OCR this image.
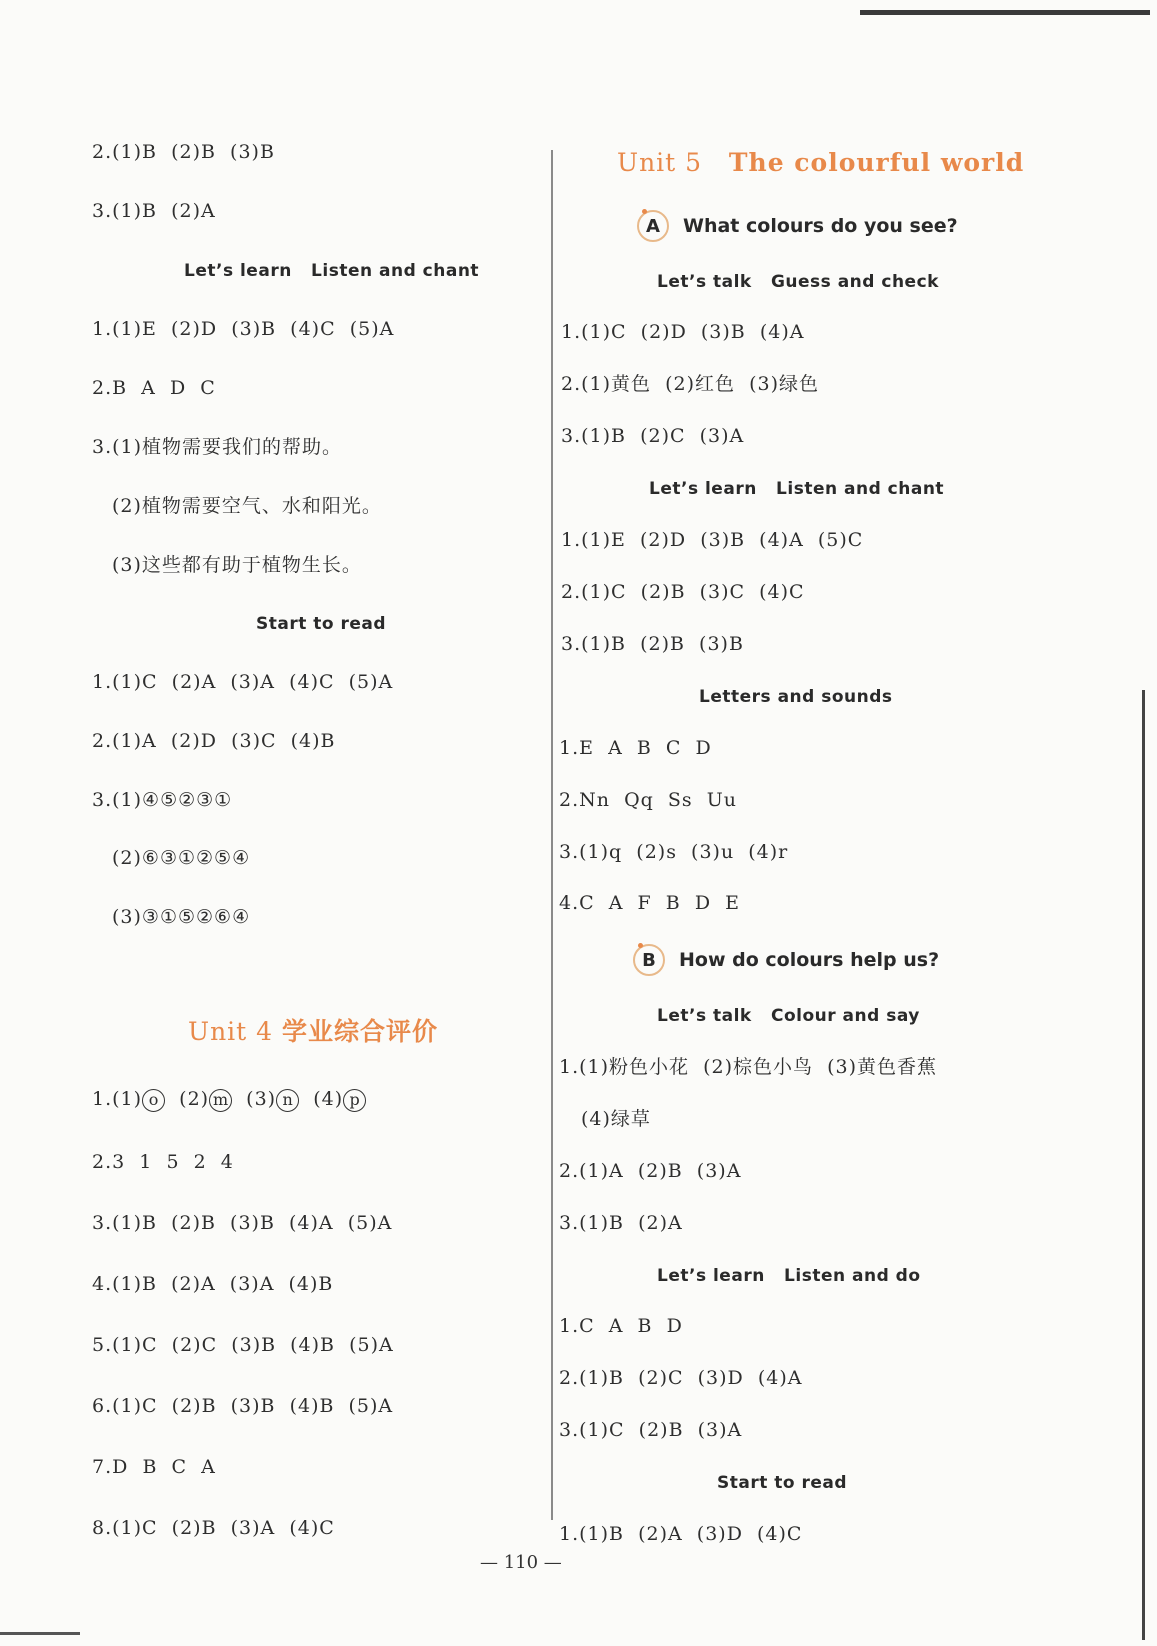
2.(1)B  (2)B  (3)B
3.(1)B  (2)A
Let’s learn   Listen and chant
1.(1)E  (2)D  (3)B  (4)C  (5)A
2.B  A  D  C
3.(1)植物需要我们的帮助。
(2)植物需要空气、水和阳光。
(3)这些都有助于植物生长。
Start to read
1.(1)C  (2)A  (3)A  (4)C  (5)A
2.(1)A  (2)D  (3)C  (4)B
3.(1)④⑤②③①
(2)⑥③①②⑤④
(3)③①⑤②⑥④
Unit 4 学业综合评价
1.(1) o (2) m (3) n (4) p
2.3  1  5  2  4
3.(1)B  (2)B  (3)B  (4)A  (5)A
4.(1)B  (2)A  (3)A  (4)B
5.(1)C  (2)C  (3)B  (4)B  (5)A
6.(1)C  (2)B  (3)B  (4)B  (5)A
7.D  B  C  A
8.(1)C  (2)B  (3)A  (4)C
Unit 5 The colourful world
A	What colours do you see?
Let’s talk   Guess and check
1.(1)C  (2)D  (3)B  (4)A
2.(1)黄色  (2)红色  (3)绿色
3.(1)B  (2)C  (3)A
Let’s learn   Listen and chant
1.(1)E  (2)D  (3)B  (4)A  (5)C
2.(1)C  (2)B  (3)C  (4)C
3.(1)B  (2)B  (3)B
Letters and sounds
1.E  A  B  C  D
2.Nn  Qq  Ss  Uu
3.(1)q  (2)s  (3)u  (4)r
4.C  A  F  B  D  E
B	How do colours help us?
Let’s talk   Colour and say
1.(1)粉色小花  (2)棕色小鸟  (3)黄色香蕉
(4)绿草
2.(1)A  (2)B  (3)A
3.(1)B  (2)A
Let’s learn   Listen and do
1.C  A  B  D
2.(1)B  (2)C  (3)D  (4)A
3.(1)C  (2)B  (3)A
Start to read
1.(1)B  (2)A  (3)D  (4)C
— 110 —
